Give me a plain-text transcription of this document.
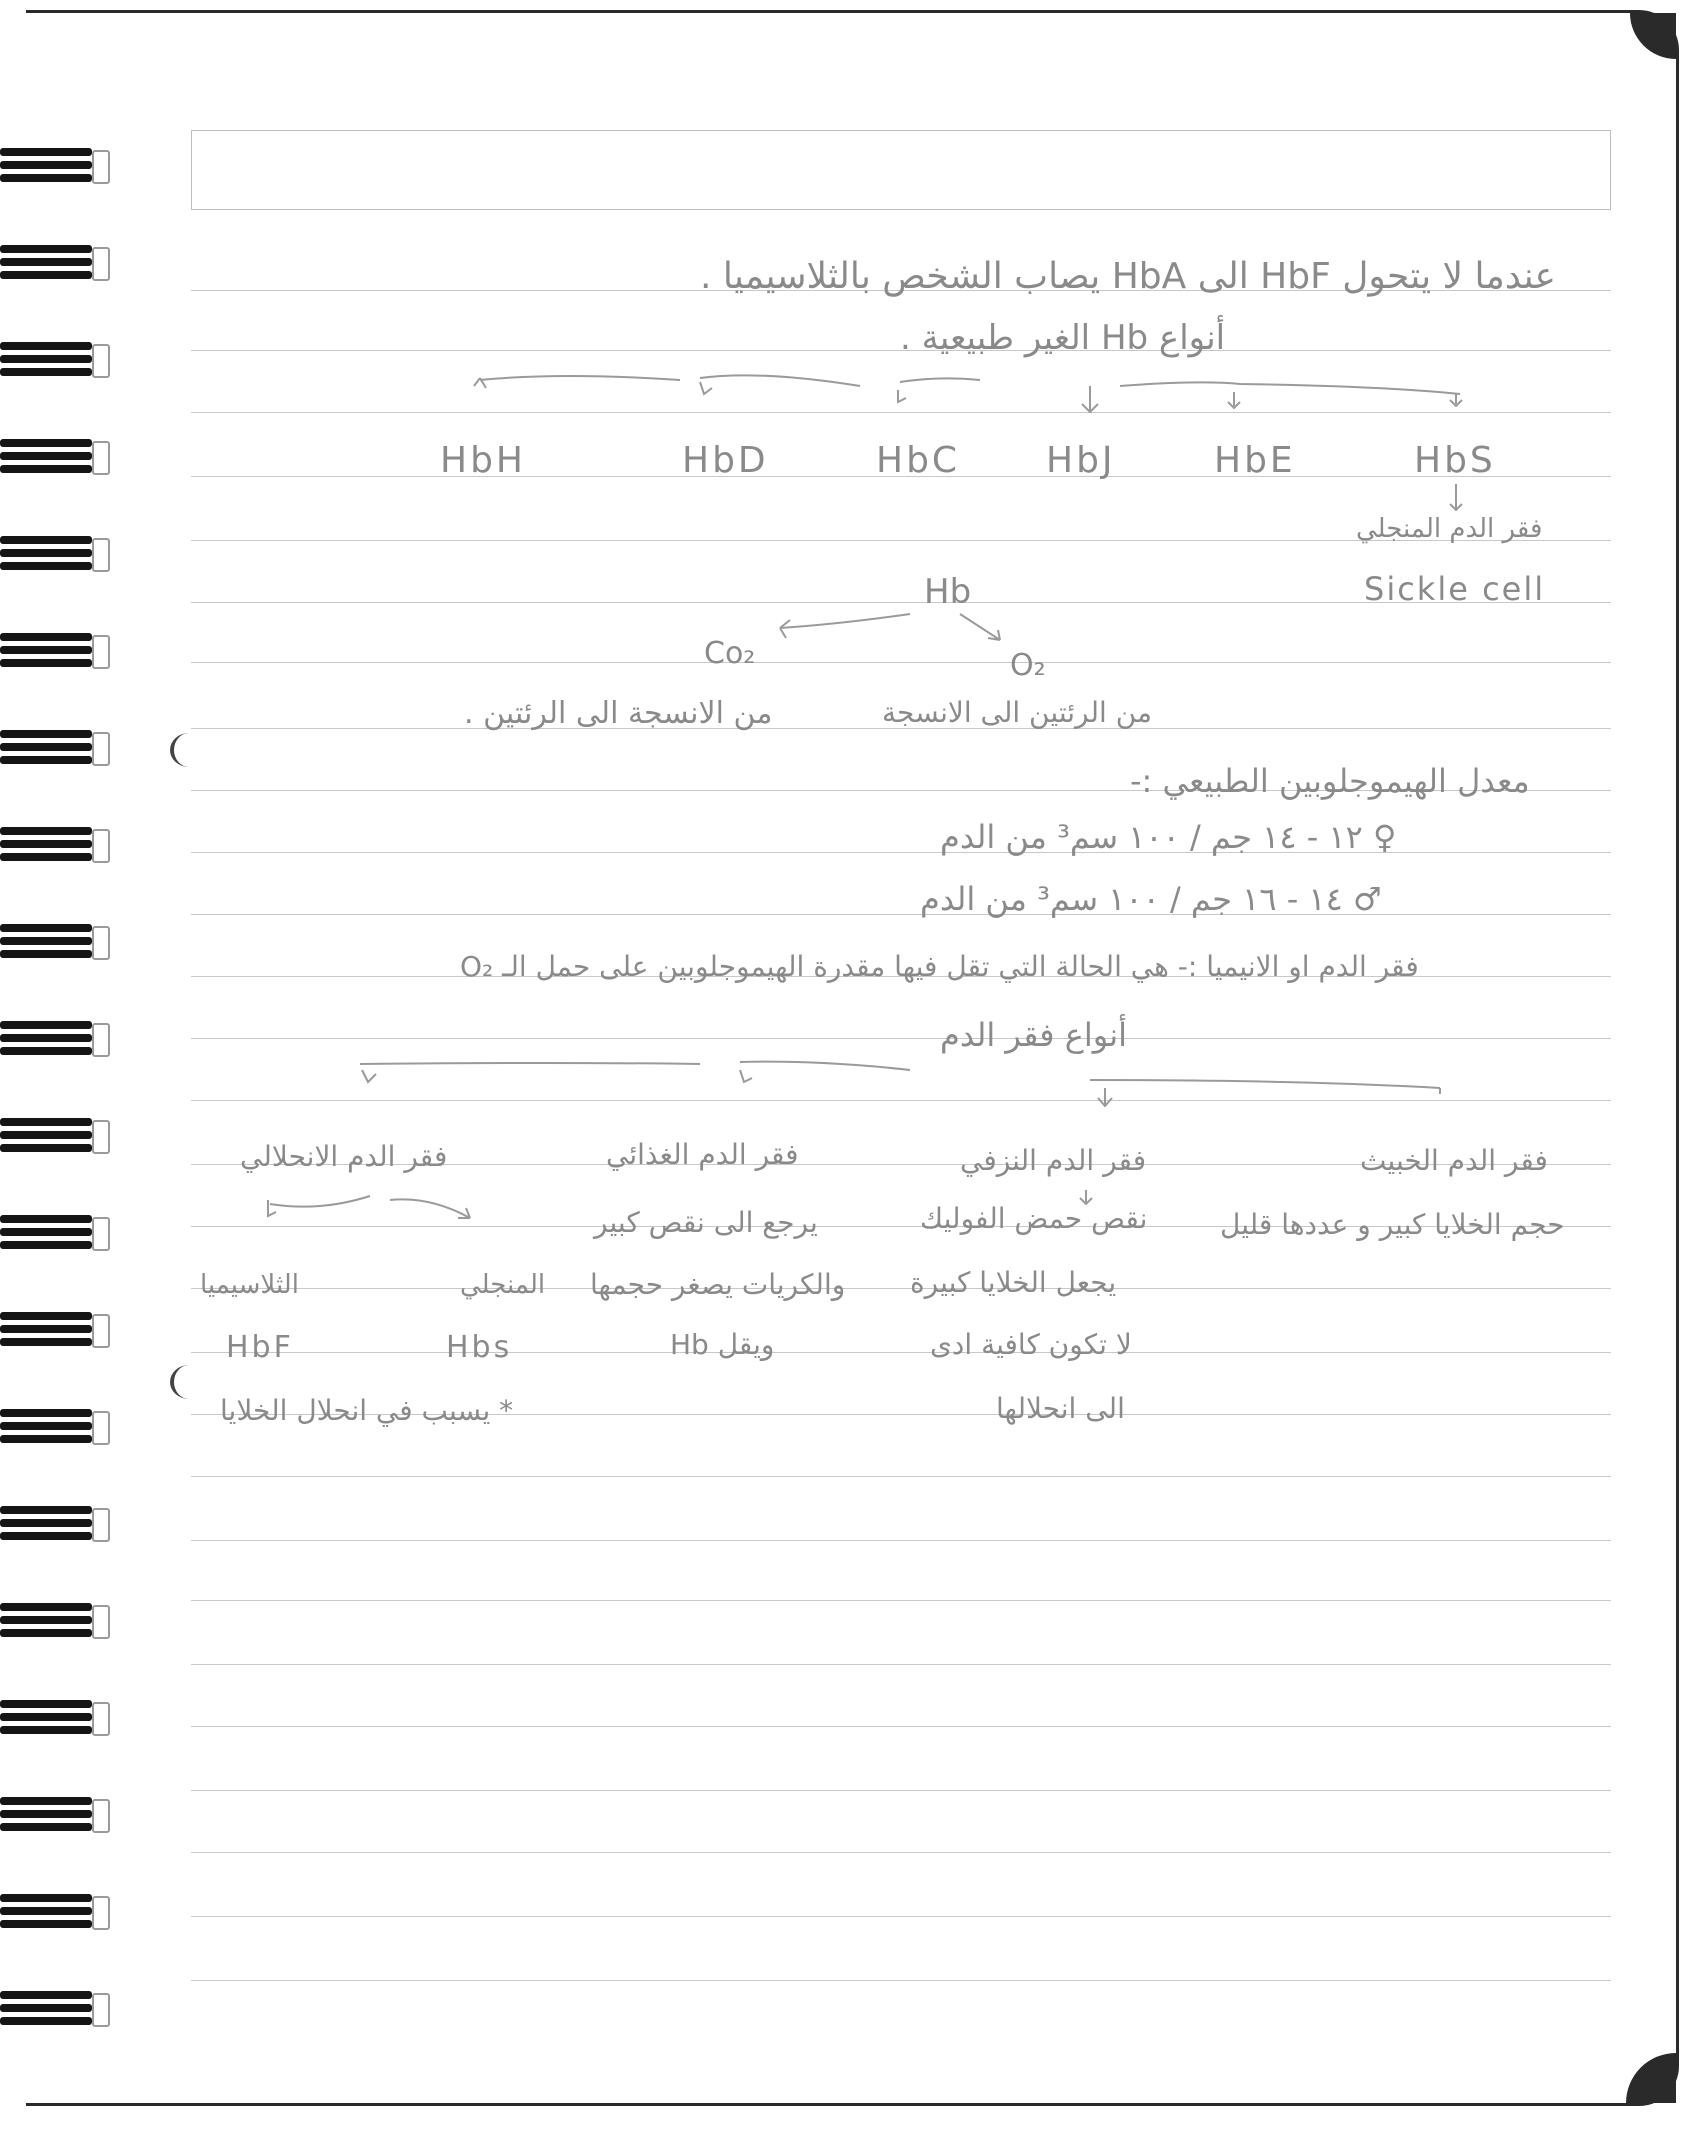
عندما لا يتحول HbF الى HbA يصاب الشخص بالثلاسيميا .
أنواع Hb الغير طبيعية .
HbH	HbD	HbC HbJ	HbE	HbS
فقر الدم المنجلي
Sickle cell
Hb
Co₂	O₂
من الانسجة الى الرئتين .	من الرئتين الى الانسجة
معدل الهيموجلوبين الطبيعي :-
♀ ١٢ - ١٤ جم / ١٠٠ سم³ من الدم
♂ ١٤ - ١٦ جم / ١٠٠ سم³ من الدم
فقر الدم او الانيميا :- هي الحالة التي تقل فيها مقدرة الهيموجلوبين على حمل الـ O₂
أنواع فقر الدم
فقر الدم الخبيث
حجم الخلايا كبير و عددها قليل
فقر الدم النزفي
نقص حمض الفوليك
يجعل الخلايا كبيرة
لا تكون كافية ادى
الى انحلالها
فقر الدم الغذائي
يرجع الى نقص كبير
والكريات يصغر حجمها
ويقل Hb
فقر الدم الانحلالي
الثلاسيميا
HbF
المنجلي
Hbs
* يسبب في انحلال الخلايا
